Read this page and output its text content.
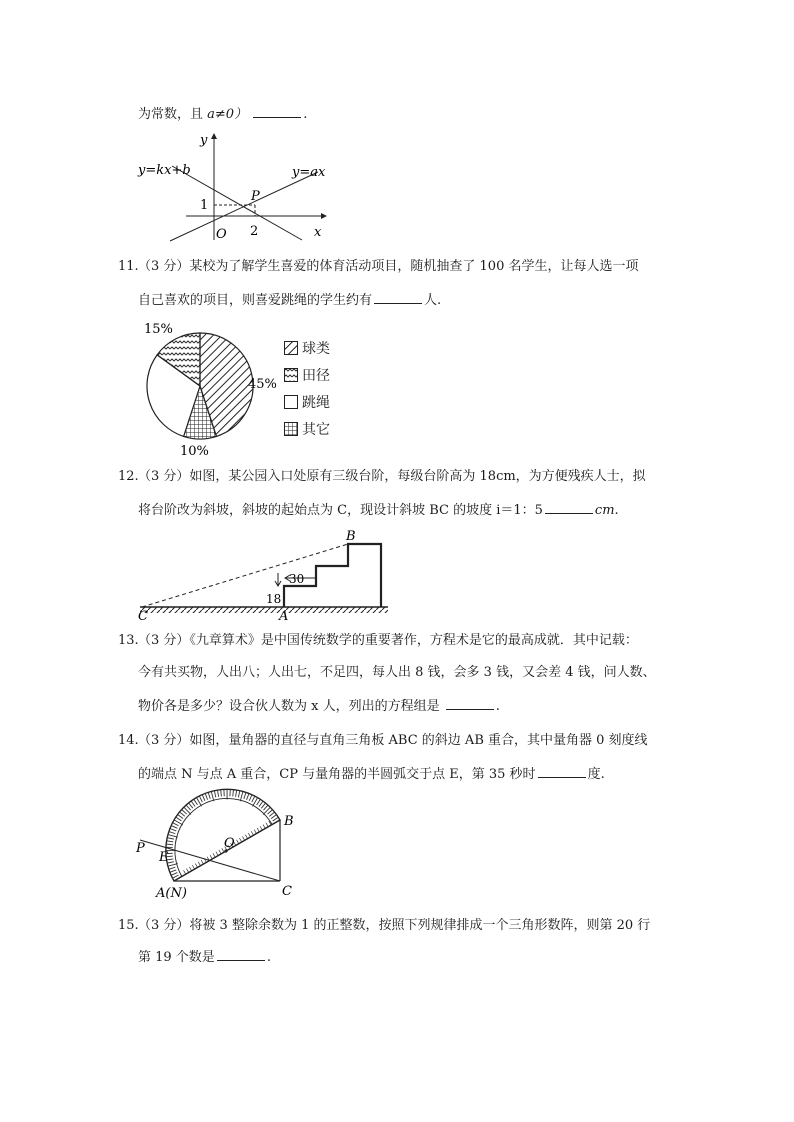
为常数，且 a≠0）	.
y
x
O
y=kx+b	y=ax
P
1
2
11. （3 分）某校为了解学生喜爱的体育活动项目，随机抽查了 100 名学生，让每人选一项
自己喜欢的项目，则喜爱跳绳的学生约有	人.
45%
15%
10%
球类
田径
跳绳
其它
12. （3 分）如图，某公园入口处原有三级台阶，每级台阶高为 18cm，为方便残疾人士，拟
将台阶改为斜坡，斜坡的起始点为 C，现设计斜坡 BC 的坡度 i＝1：5	cm.
B
C	A
30
18
13. （3 分）《九章算术》是中国传统数学的重要著作，方程术是它的最高成就．其中记载：
今有共买物，人出八；人出七，不足四，每人出 8 钱，会多 3 钱，又会差 4 钱，问人数、
物价各是多少？设合伙人数为 x 人，列出的方程组是	.
14. （3 分）如图，量角器的直径与直角三角板 ABC 的斜边 AB 重合，其中量角器 0 刻度线
的端点 N 与点 A 重合，CP 与量角器的半圆弧交于点 E，第 35 秒时	度.
P
E
O
B
A(N)	C
15. （3 分）将被 3 整除余数为 1 的正整数，按照下列规律排成一个三角形数阵，则第 20 行
第 19 个数是	.
